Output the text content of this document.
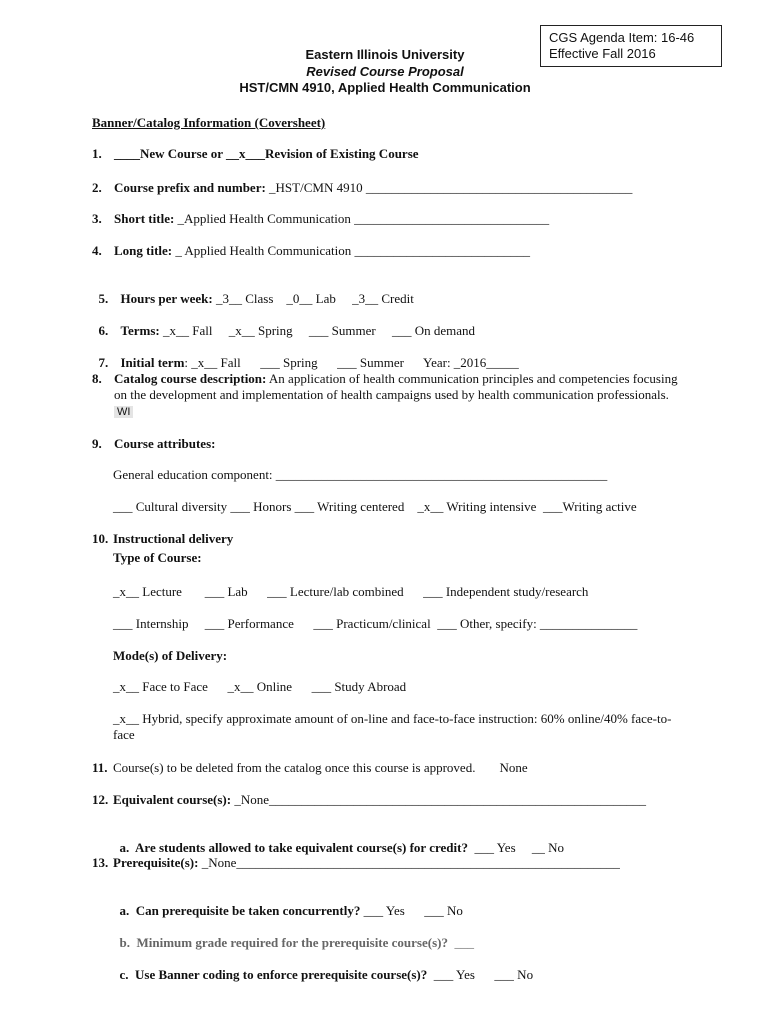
CGS Agenda Item: 16-46
Effective Fall 2016
Eastern Illinois University
Revised Course Proposal
HST/CMN 4910, Applied Health Communication
Banner/Catalog Information (Coversheet)
1. ____New Course or __x___Revision of Existing Course
2. Course prefix and number: _HST/CMN 4910 _________________________________________
3. Short title: _Applied Health Communication ______________________________
4. Long title: _ Applied Health Communication ___________________________

5. Hours per week: _3__ Class    _0__ Lab     _3__ Credit

6. Terms: _x__ Fall     _x__ Spring     ___ Summer     ___ On demand

7. Initial term: _x__ Fall      ___ Spring      ___ Summer      Year: _2016_____

8. Catalog course description: An application of health communication principles and competencies focusing on the development and implementation of health campaigns used by health communication professionals. WI
9. Course attributes:
General education component: ___________________________________________________
___ Cultural diversity ___ Honors ___ Writing centered    _x__ Writing intensive  ___Writing active
10. Instructional delivery
Type of Course:
_x__ Lecture       ___ Lab      ___ Lecture/lab combined      ___ Independent study/research
___ Internship     ___ Performance      ___ Practicum/clinical  ___ Other, specify: _______________
Mode(s) of Delivery:
_x__ Face to Face      _x__ Online      ___ Study Abroad
_x__ Hybrid, specify approximate amount of on-line and face-to-face instruction: 60% online/40% face-to-face
11. Course(s) to be deleted from the catalog once this course is approved. None
12. Equivalent course(s): _None__________________________________________________________

a.  Are students allowed to take equivalent course(s) for credit?  ___ Yes     __ No

13. Prerequisite(s): _None___________________________________________________________

a.  Can prerequisite be taken concurrently? ___ Yes      ___ No

b.  Minimum grade required for the prerequisite course(s)?  ___

c.  Use Banner coding to enforce prerequisite course(s)?  ___ Yes      ___ No
